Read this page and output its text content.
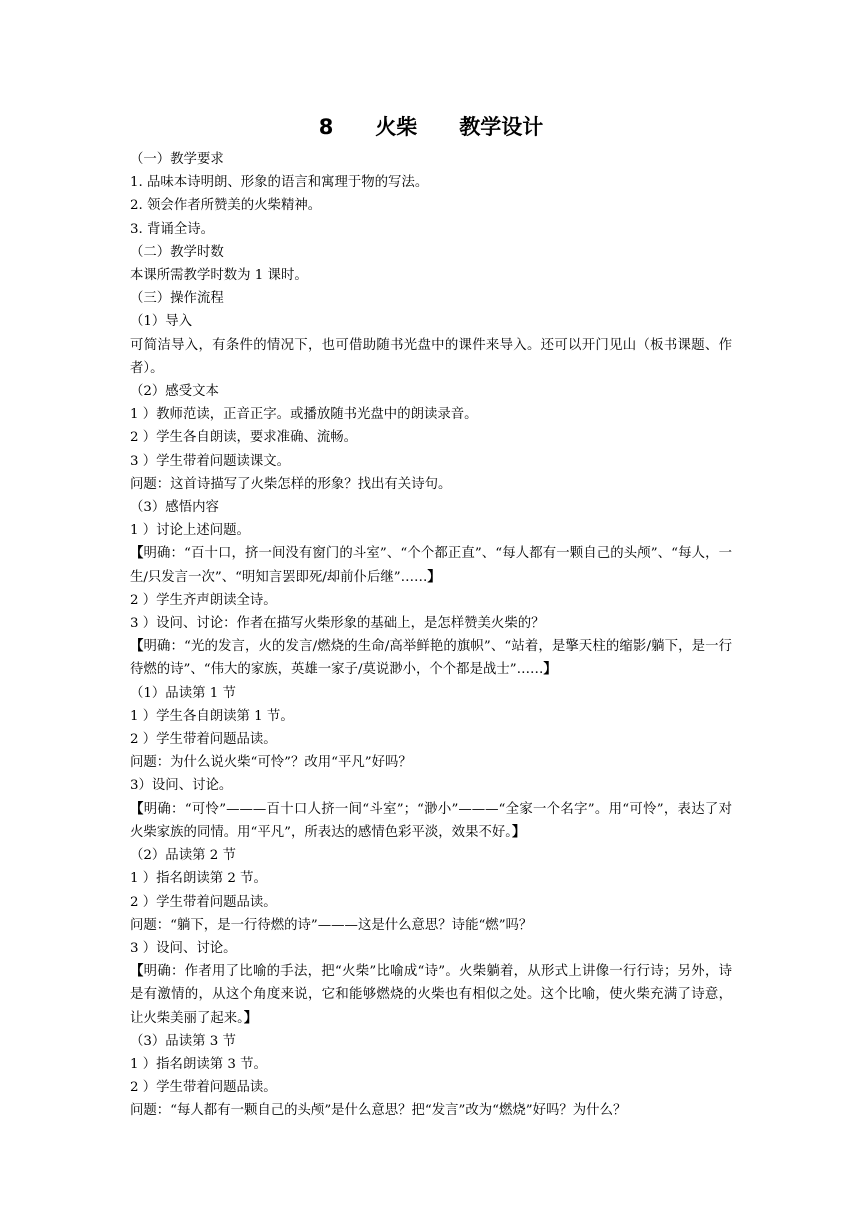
8　　火柴　　教学设计
（一）教学要求
1. 品味本诗明朗、形象的语言和寓理于物的写法。
2. 领会作者所赞美的火柴精神。
3. 背诵全诗。
（二）教学时数
本课所需教学时数为 1 课时。
（三）操作流程
（1）导入
可简洁导入，有条件的情况下，也可借助随书光盘中的课件来导入。还可以开门见山（板书课题、作者）。
（2）感受文本
1 ）教师范读，正音正字。或播放随书光盘中的朗读录音。
2 ）学生各自朗读，要求准确、流畅。
3 ）学生带着问题读课文。
问题：这首诗描写了火柴怎样的形象？找出有关诗句。
（3）感悟内容
1 ）讨论上述问题。
【明确：“百十口，挤一间没有窗门的斗室”、“个个都正直”、“每人都有一颗自己的头颅”、“每人，一生/只发言一次”、“明知言罢即死/却前仆后继”……】
2 ）学生齐声朗读全诗。
3 ）设问、讨论：作者在描写火柴形象的基础上，是怎样赞美火柴的？
【明确：“光的发言，火的发言/燃烧的生命/高举鲜艳的旗帜”、“站着，是擎天柱的缩影/躺下，是一行待燃的诗”、“伟大的家族，英雄一家子/莫说渺小，个个都是战士”……】
（1）品读第 1 节
1 ）学生各自朗读第 1 节。
2 ）学生带着问题品读。
问题：为什么说火柴“可怜”？改用“平凡”好吗？
3）设问、讨论。
【明确：“可怜”———百十口人挤一间“斗室”；“渺小”———“全家一个名字”。用“可怜”，表达了对火柴家族的同情。用“平凡”，所表达的感情色彩平淡，效果不好。】
（2）品读第 2 节
1 ）指名朗读第 2 节。
2 ）学生带着问题品读。
问题：“躺下，是一行待燃的诗”———这是什么意思？诗能“燃”吗？
3 ）设问、讨论。
【明确：作者用了比喻的手法，把“火柴”比喻成“诗”。火柴躺着，从形式上讲像一行行诗；另外，诗是有激情的，从这个角度来说，它和能够燃烧的火柴也有相似之处。这个比喻，使火柴充满了诗意，让火柴美丽了起来。】
（3）品读第 3 节
1 ）指名朗读第 3 节。
2 ）学生带着问题品读。
问题：“每人都有一颗自己的头颅”是什么意思？把“发言”改为“燃烧”好吗？为什么？
